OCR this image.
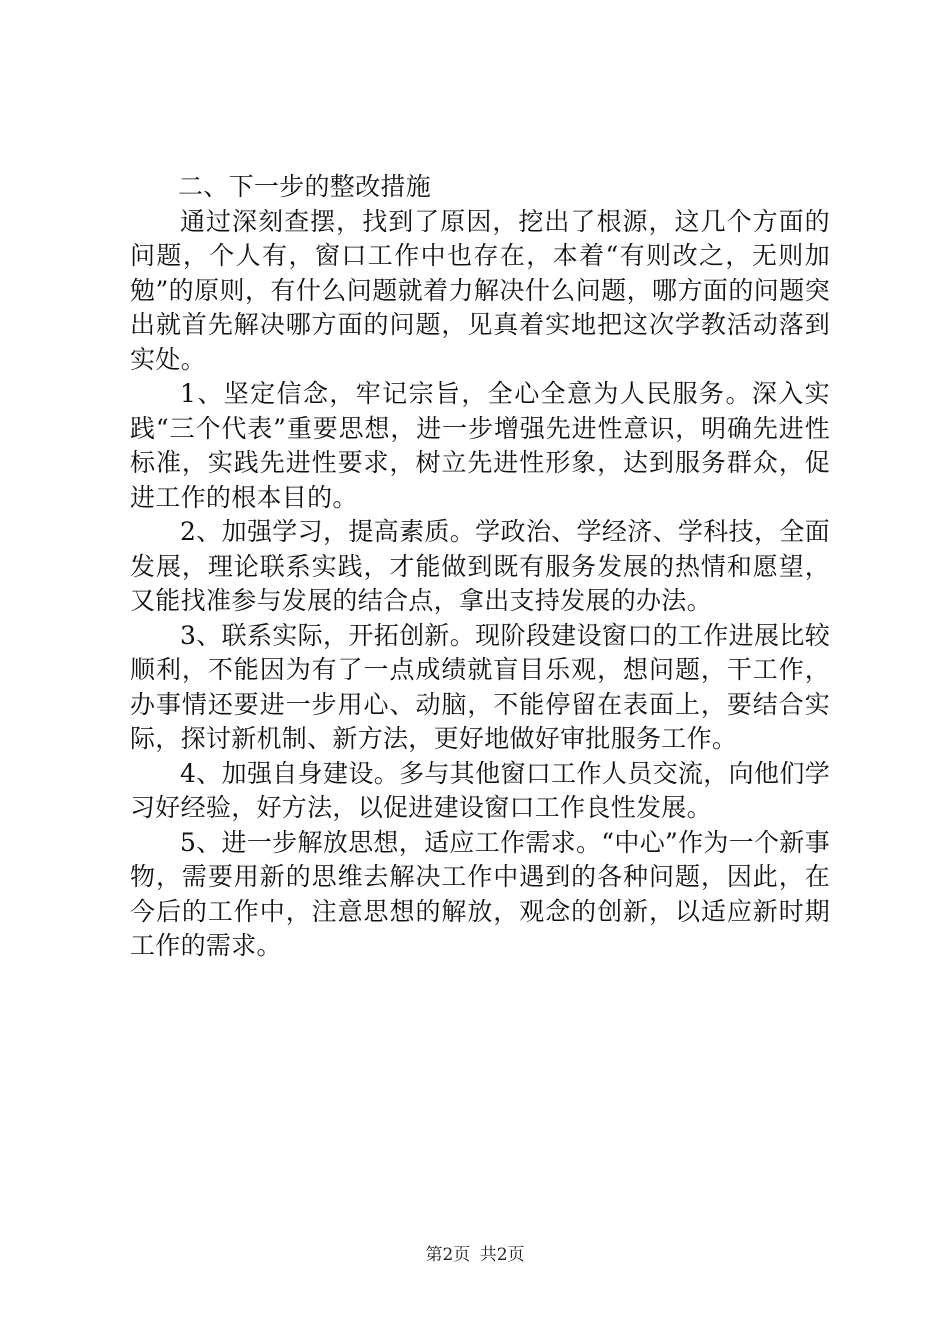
二、下一步的整改措施

通过深刻查摆，找到了原因，挖出了根源，这几个方面的问题，个人有，窗口工作中也存在，本着“有则改之，无则加勉”的原则，有什么问题就着力解决什么问题，哪方面的问题突出就首先解决哪方面的问题，见真着实地把这次学教活动落到实处。

1、坚定信念，牢记宗旨，全心全意为人民服务。深入实践“三个代表”重要思想，进一步增强先进性意识，明确先进性标准，实践先进性要求，树立先进性形象，达到服务群众，促进工作的根本目的。

2、加强学习，提高素质。学政治、学经济、学科技，全面发展，理论联系实践，才能做到既有服务发展的热情和愿望，又能找准参与发展的结合点，拿出支持发展的办法。

3、联系实际，开拓创新。现阶段建设窗口的工作进展比较顺利，不能因为有了一点成绩就盲目乐观，想问题，干工作，办事情还要进一步用心、动脑，不能停留在表面上，要结合实际，探讨新机制、新方法，更好地做好审批服务工作。

4、加强自身建设。多与其他窗口工作人员交流，向他们学习好经验，好方法，以促进建设窗口工作良性发展。

5、进一步解放思想，适应工作需求。“中心”作为一个新事物，需要用新的思维去解决工作中遇到的各种问题，因此，在今后的工作中，注意思想的解放，观念的创新，以适应新时期工作的需求。

第2页 共2页
